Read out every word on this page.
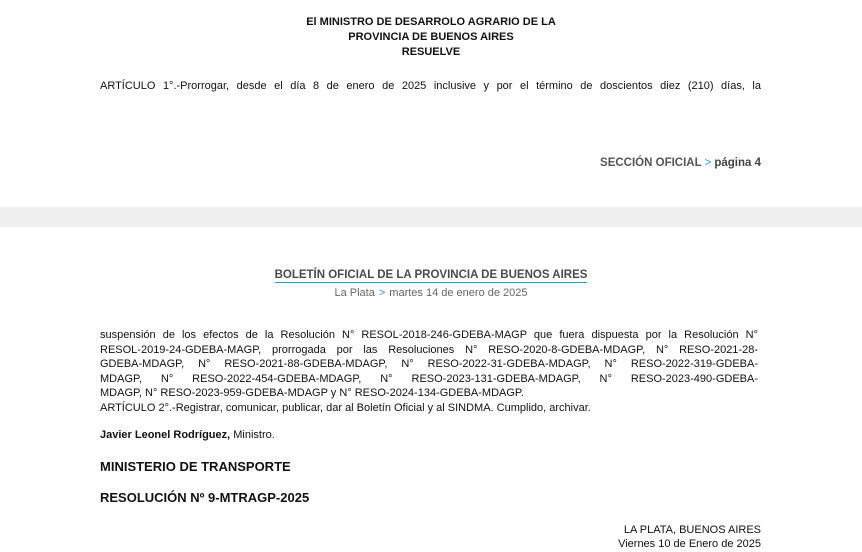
El MINISTRO DE DESARROLO AGRARIO DE LA
PROVINCIA DE BUENOS AIRES
RESUELVE
ARTÍCULO 1°.-Prorrogar, desde el día 8 de enero de 2025 inclusive y por el término de doscientos diez (210) días, la
SECCIÓN OFICIAL > página 4
BOLETÍN OFICIAL DE LA PROVINCIA DE BUENOS AIRES
La Plata > martes 14 de enero de 2025
suspensión de los efectos de la Resolución N° RESOL-2018-246-GDEBA-MAGP que fuera dispuesta por la Resolución N°
RESOL-2019-24-GDEBA-MAGP, prorrogada por las Resoluciones N° RESO-2020-8-GDEBA-MDAGP, N° RESO-2021-28-
GDEBA-MDAGP, N° RESO-2021-88-GDEBA-MDAGP, N° RESO-2022-31-GDEBA-MDAGP, N° RESO-2022-319-GDEBA-
MDAGP, N° RESO-2022-454-GDEBA-MDAGP, N° RESO-2023-131-GDEBA-MDAGP, N° RESO-2023-490-GDEBA-
MDAGP, N° RESO-2023-959-GDEBA-MDAGP y N° RESO-2024-134-GDEBA-MDAGP.
ARTÍCULO 2°.-Registrar, comunicar, publicar, dar al Boletín Oficial y al SINDMA. Cumplido, archivar.
Javier Leonel Rodríguez, Ministro.
MINISTERIO DE TRANSPORTE
RESOLUCIÓN Nº 9-MTRAGP-2025
LA PLATA, BUENOS AIRES
Viernes 10 de Enero de 2025
